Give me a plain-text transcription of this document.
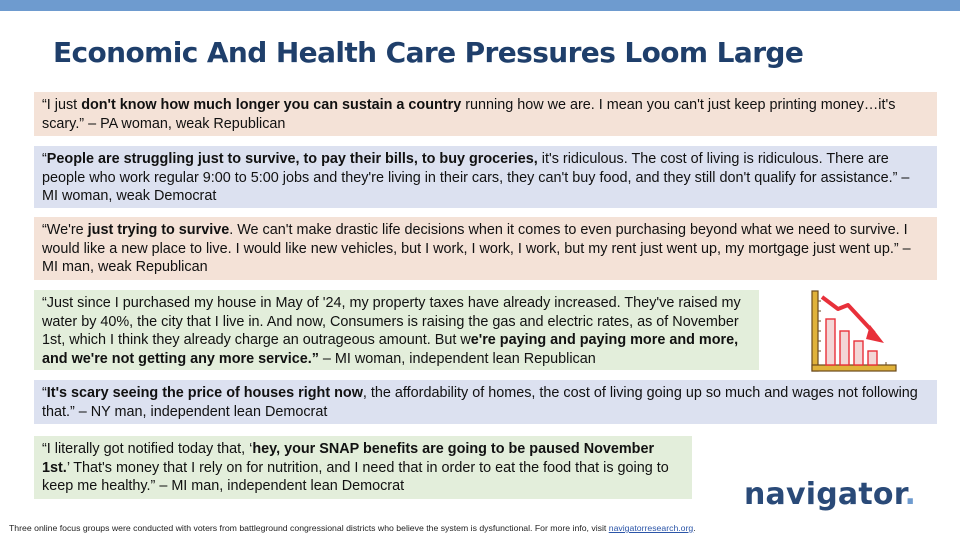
Economic And Health Care Pressures Loom Large
“I just don't know how much longer you can sustain a country running how we are. I mean you can't just keep printing money…it's scary.” – PA woman, weak Republican
“People are struggling just to survive, to pay their bills, to buy groceries, it's ridiculous. The cost of living is ridiculous. There are people who work regular 9:00 to 5:00 jobs and they're living in their cars, they can't buy food, and they still don't qualify for assistance.” – MI woman, weak Democrat
“We're just trying to survive. We can't make drastic life decisions when it comes to even purchasing beyond what we need to survive. I would like a new place to live. I would like new vehicles, but I work, I work, I work, but my rent just went up, my mortgage just went up.” – MI man, weak Republican
“Just since I purchased my house in May of '24, my property taxes have already increased. They've raised my water by 40%, the city that I live in. And now, Consumers is raising the gas and electric rates, as of November 1st, which I think they already charge an outrageous amount. But we're paying and paying more and more, and we're not getting any more service.” – MI woman, independent lean Republican
“It's scary seeing the price of houses right now, the affordability of homes, the cost of living going up so much and wages not following that.” – NY man, independent lean Democrat
“I literally got notified today that, ‘hey, your SNAP benefits are going to be paused November 1st.’ That's money that I rely on for nutrition, and I need that in order to eat the food that is going to keep me healthy.” – MI man, independent lean Democrat	navigator.
Three online focus groups were conducted with voters from battleground congressional districts who believe the system is dysfunctional. For more info, visit navigatorresearch.org.
